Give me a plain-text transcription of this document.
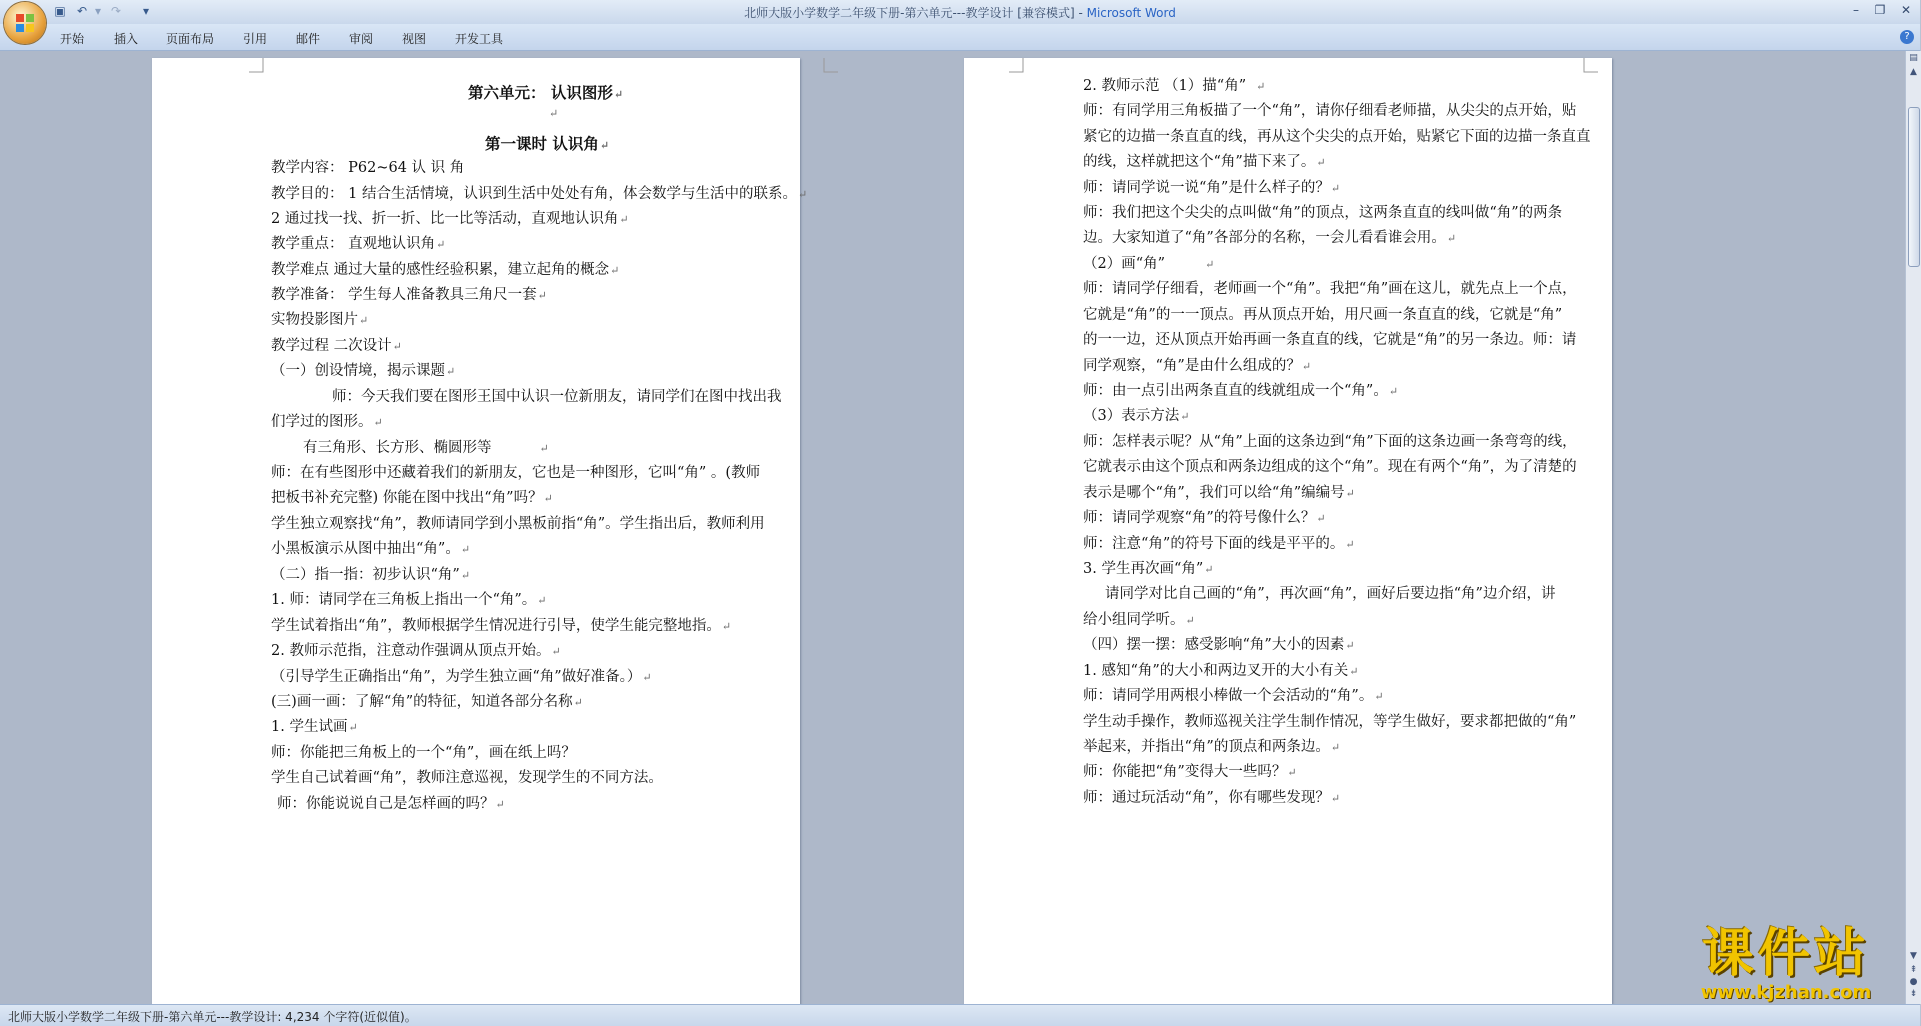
▣ ↶ ▾ ↷	▾	北师大版小学数学二年级下册-第六单元---教学设计 [兼容模式] - Microsoft Word	–	❐	✕
开始 插入 页面布局 引用 邮件 审阅 视图 开发工具	?
第六单元： 认识图形↵
↵
第一课时 认识角↵
教学内容： P62~64 认 识 角
教学目的： 1 结合生活情境，认识到生活中处处有角，体会数学与生活中的联系。↵
2 通过找一找、折一折、比一比等活动，直观地认识角↵
教学重点： 直观地认识角↵
教学难点 通过大量的感性经验积累，建立起角的概念↵
教学准备： 学生每人准备教具三角尺一套↵
实物投影图片↵
教学过程 二次设计↵
（一）创设情境，揭示课题↵
师：今天我们要在图形王国中认识一位新朋友，请同学们在图中找出我
们学过的图形。↵
有三角形、长方形、椭圆形等	↵
师：在有些图形中还藏着我们的新朋友，它也是一种图形，它叫“角” 。(教师
把板书补充完整) 你能在图中找出“角”吗？↵
学生独立观察找“角”，教师请同学到小黑板前指“角”。学生指出后，教师利用
小黑板演示从图中抽出“角”。↵
（二）指一指：初步认识“角”↵
1. 师：请同学在三角板上指出一个“角”。↵
学生试着指出“角”，教师根据学生情况进行引导，使学生能完整地指。↵
2. 教师示范指，注意动作强调从顶点开始。↵
（引导学生正确指出“角”，为学生独立画“角”做好准备。）↵
(三)画一画：了解“角”的特征，知道各部分名称↵
1. 学生试画↵
师：你能把三角板上的一个“角”，画在纸上吗？
学生自己试着画“角”，教师注意巡视，发现学生的不同方法。
师：你能说说自己是怎样画的吗？↵
2. 教师示范 （1）描“角” ↵
师：有同学用三角板描了一个“角”，请你仔细看老师描，从尖尖的点开始，贴
紧它的边描一条直直的线，再从这个尖尖的点开始，贴紧它下面的边描一条直直
的线，这样就把这个“角”描下来了。↵
师：请同学说一说“角”是什么样子的？↵
师：我们把这个尖尖的点叫做“角”的顶点，这两条直直的线叫做“角”的两条
边。大家知道了“角”各部分的名称，一会儿看看谁会用。↵
（2）画“角”	↵
师：请同学仔细看，老师画一个“角”。我把“角”画在这儿，就先点上一个点，
它就是“角”的一一顶点。再从顶点开始，用尺画一条直直的线，它就是“角”
的一一边，还从顶点开始再画一条直直的线，它就是“角”的另一条边。师：请
同学观察，“角”是由什么组成的？↵
师：由一点引出两条直直的线就组成一个“角”。↵
（3）表示方法↵
师：怎样表示呢？从“角”上面的这条边到“角”下面的这条边画一条弯弯的线，
它就表示由这个顶点和两条边组成的这个“角”。现在有两个“角”，为了清楚的
表示是哪个“角”，我们可以给“角”编编号↵
师：请同学观察“角”的符号像什么？↵
师：注意“角”的符号下面的线是平平的。↵
3. 学生再次画“角”↵
请同学对比自己画的“角”，再次画“角”，画好后要边指“角”边介绍，讲
给小组同学听。↵
（四）摆一摆：感受影响“角”大小的因素↵
1. 感知“角”的大小和两边叉开的大小有关↵
师：请同学用两根小棒做一个会活动的“角”。↵
学生动手操作，教师巡视关注学生制作情况，等学生做好，要求都把做的“角”
举起来，并指出“角”的顶点和两条边。↵
师：你能把“角”变得大一些吗？↵
师：通过玩活动“角”，你有哪些发现？↵
▤
▲
▼
⇞
●
⇟
北师大版小学数学二年级下册-第六单元---教学设计: 4,234 个字符(近似值)。
课件站
www.kjzhan.com
